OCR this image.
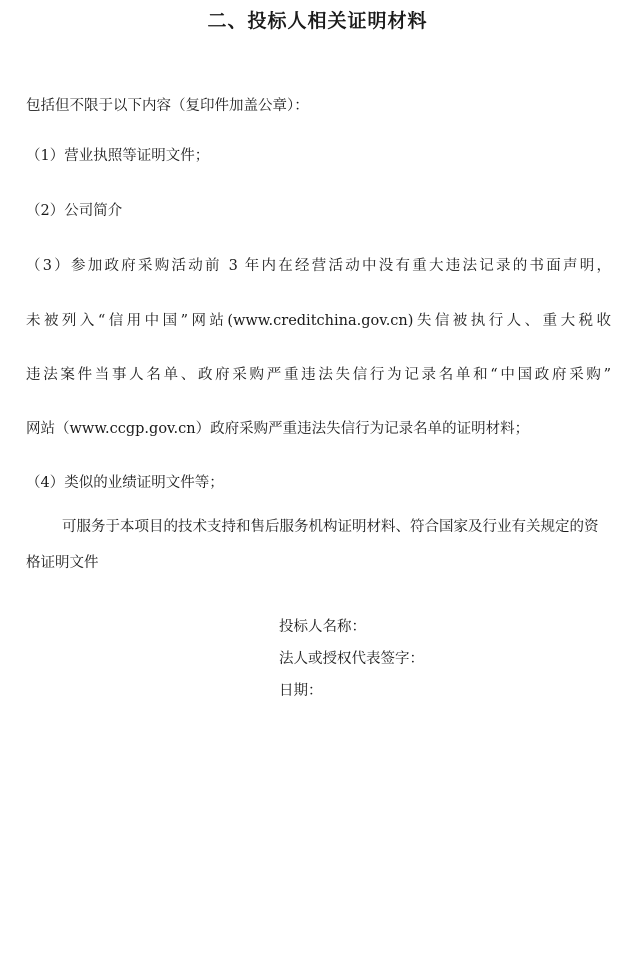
二、投标人相关证明材料

包括但不限于以下内容（复印件加盖公章）：

（1）营业执照等证明文件；

（2）公司简介

（3）参加政府采购活动前 3 年内在经营活动中没有重大违法记录的书面声明，

未被列入“信用中国”网站(www.creditchina.gov.cn)失信被执行人、重大税收

违法案件当事人名单、政府采购严重违法失信行为记录名单和“中国政府采购”

网站（www.ccgp.gov.cn）政府采购严重违法失信行为记录名单的证明材料；

（4）类似的业绩证明文件等；

可服务于本项目的技术支持和售后服务机构证明材料、符合国家及行业有关规定的资格证明文件

投标人名称：

法人或授权代表签字：

日期：
